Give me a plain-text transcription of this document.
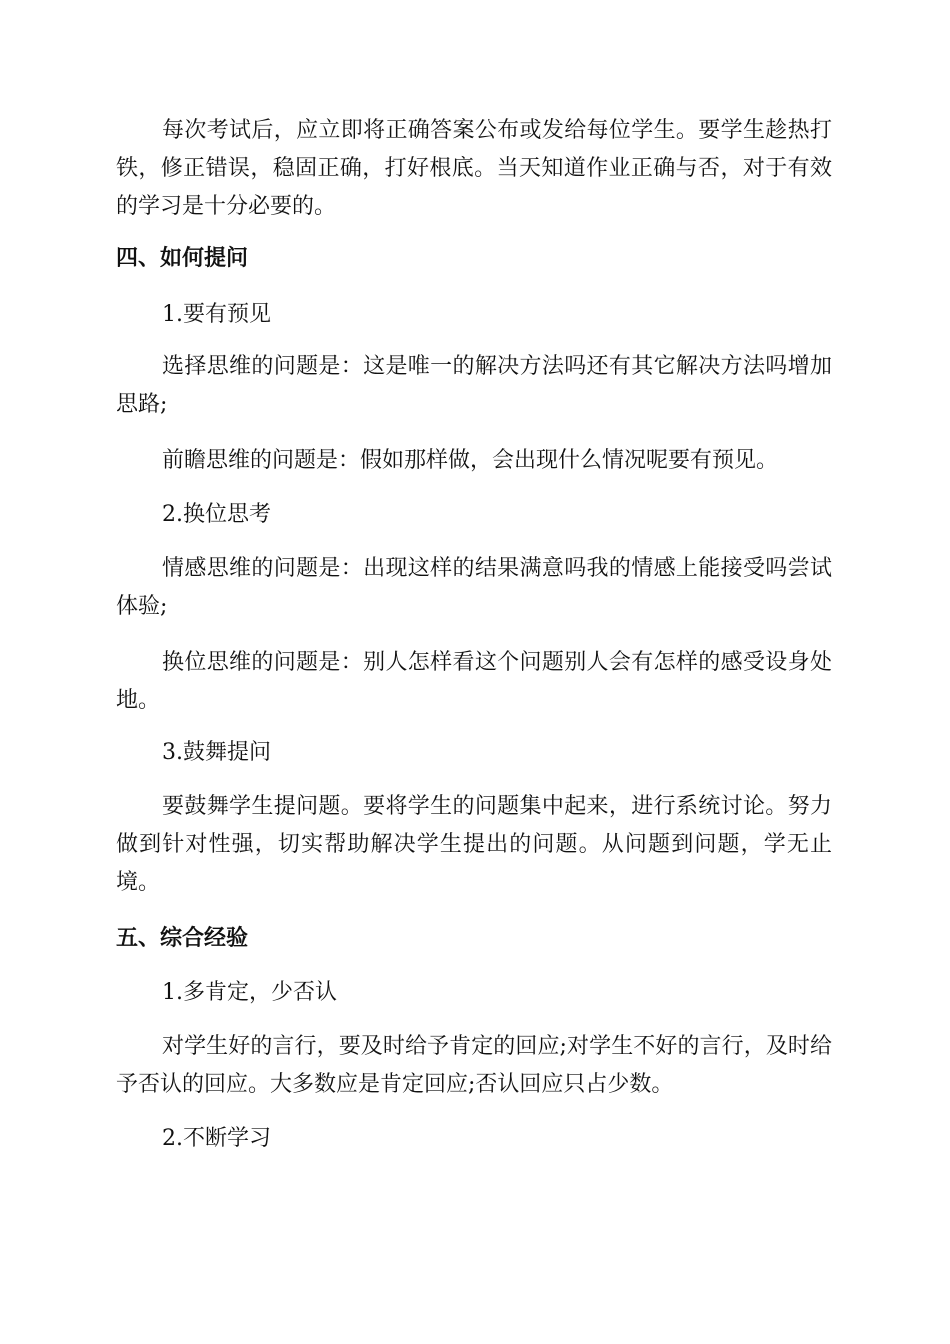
每次考试后，应立即将正确答案公布或发给每位学生。要学生趁热打铁，修正错误，稳固正确，打好根底。当天知道作业正确与否，对于有效的学习是十分必要的。

四、如何提问

1.要有预见

选择思维的问题是：这是唯一的解决方法吗还有其它解决方法吗增加思路;

前瞻思维的问题是：假如那样做，会出现什么情况呢要有预见。

2.换位思考

情感思维的问题是：出现这样的结果满意吗我的情感上能接受吗尝试体验;

换位思维的问题是：别人怎样看这个问题别人会有怎样的感受设身处地。

3.鼓舞提问

要鼓舞学生提问题。要将学生的问题集中起来，进行系统讨论。努力做到针对性强，切实帮助解决学生提出的问题。从问题到问题，学无止境。

五、综合经验

1.多肯定，少否认

对学生好的言行，要及时给予肯定的回应;对学生不好的言行，及时给予否认的回应。大多数应是肯定回应;否认回应只占少数。

2.不断学习
